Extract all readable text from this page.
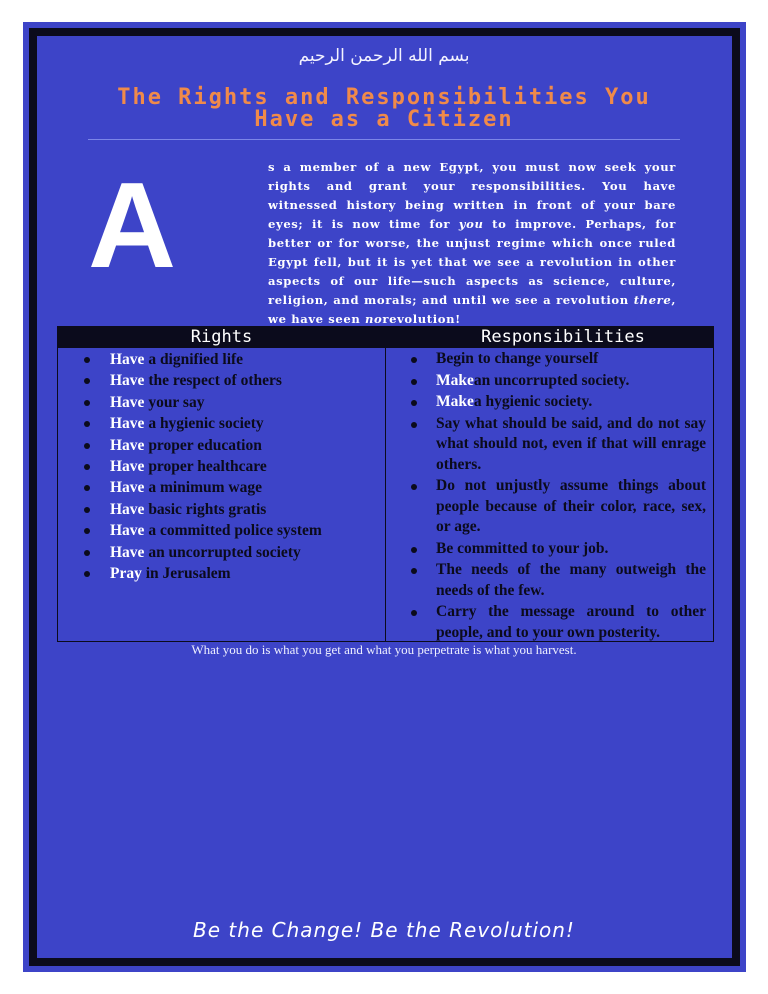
بسم الله الرحمن الرحيم
The Rights and Responsibilities You
Have as a Citizen
A	s a member of a new Egypt, you must now seek your rights and grant your responsibilities. You have witnessed history being written in front of your bare eyes; it is now time for you to improve. Perhaps, for better or for worse, the unjust regime which once ruled Egypt fell, but it is yet that we see a revolution in other aspects of our life—such aspects as science, culture, religion, and morals; and until we see a revolution there, we have seen norevolution!
Rights	Responsibilities
Have a dignified life
Have the respect of others
Have your say
Have a hygienic society
Have proper education
Have proper healthcare
Have a minimum wage
Have basic rights gratis
Have a committed police system
Have an uncorrupted society
Pray in Jerusalem
Begin to change yourself
Makean uncorrupted society.
Makea hygienic society.
Say what should be said, and do not say what should not, even if that will enrage others.
Do not unjustly assume things about people because of their color, race, sex, or age.
Be committed to your job.
The needs of the many outweigh the needs of the few.
Carry the message around to other people, and to your own posterity.
What you do is what you get and what you perpetrate is what you harvest.
Be the Change! Be the Revolution!
